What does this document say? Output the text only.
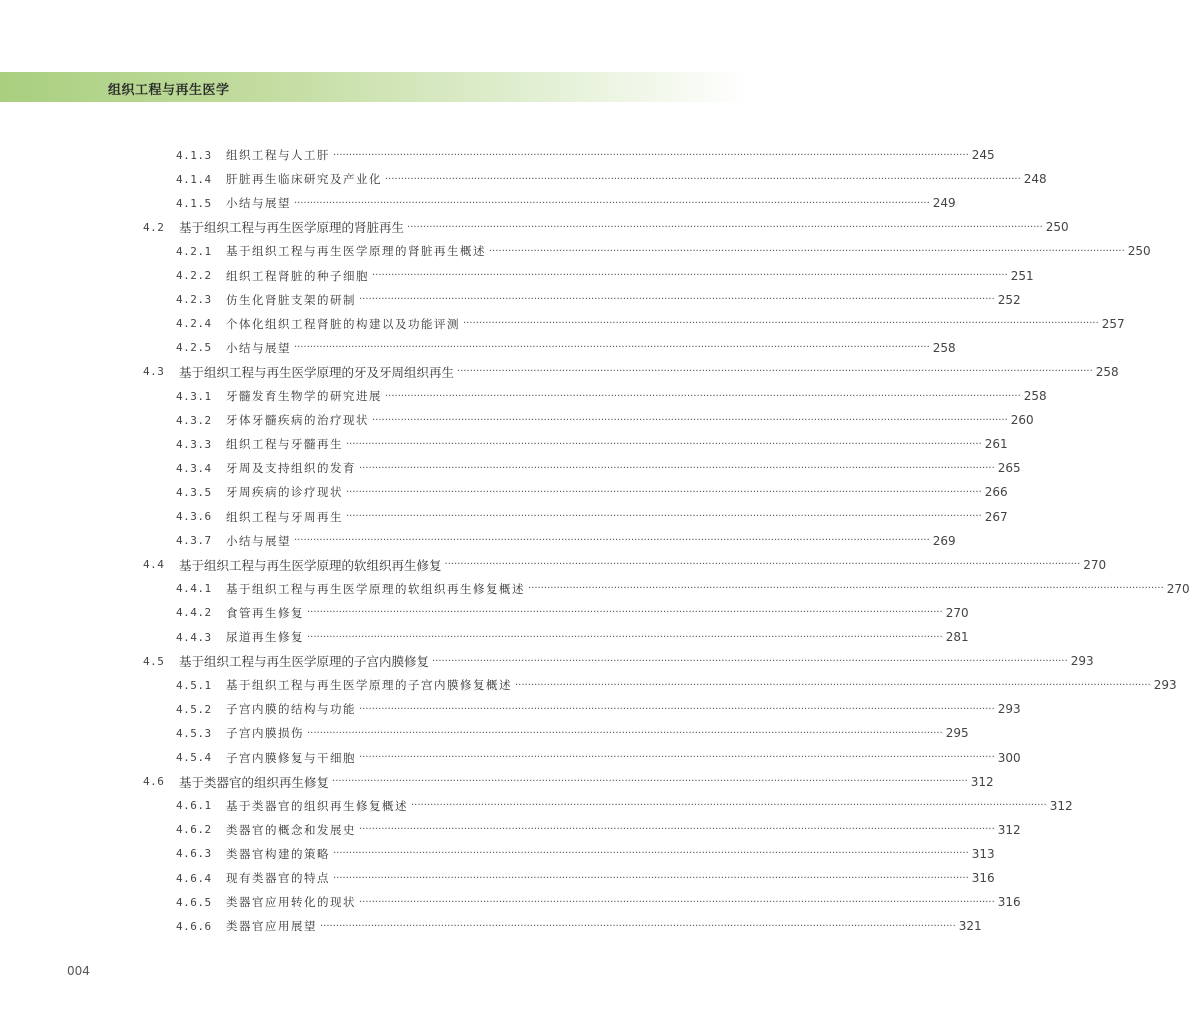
组织工程与再生医学
4.1.3	组织工程与人工肝 ········································································································································································································ 245
4.1.4	肝脏再生临床研究及产业化 ········································································································································································································ 248
4.1.5	小结与展望 ········································································································································································································ 249
4.2	基于组织工程与再生医学原理的肾脏再生 ········································································································································································································ 250
4.2.1	基于组织工程与再生医学原理的肾脏再生概述 ········································································································································································································ 250
4.2.2	组织工程肾脏的种子细胞 ········································································································································································································ 251
4.2.3	仿生化肾脏支架的研制 ········································································································································································································ 252
4.2.4	个体化组织工程肾脏的构建以及功能评测 ········································································································································································································ 257
4.2.5	小结与展望 ········································································································································································································ 258
4.3	基于组织工程与再生医学原理的牙及牙周组织再生 ········································································································································································································ 258
4.3.1	牙髓发育生物学的研究进展 ········································································································································································································ 258
4.3.2	牙体牙髓疾病的治疗现状 ········································································································································································································ 260
4.3.3	组织工程与牙髓再生 ········································································································································································································ 261
4.3.4	牙周及支持组织的发育 ········································································································································································································ 265
4.3.5	牙周疾病的诊疗现状 ········································································································································································································ 266
4.3.6	组织工程与牙周再生 ········································································································································································································ 267
4.3.7	小结与展望 ········································································································································································································ 269
4.4	基于组织工程与再生医学原理的软组织再生修复 ········································································································································································································ 270
4.4.1	基于组织工程与再生医学原理的软组织再生修复概述 ········································································································································································································ 270
4.4.2	食管再生修复 ········································································································································································································ 270
4.4.3	尿道再生修复 ········································································································································································································ 281
4.5	基于组织工程与再生医学原理的子宫内膜修复 ········································································································································································································ 293
4.5.1	基于组织工程与再生医学原理的子宫内膜修复概述 ········································································································································································································ 293
4.5.2	子宫内膜的结构与功能 ········································································································································································································ 293
4.5.3	子宫内膜损伤 ········································································································································································································ 295
4.5.4	子宫内膜修复与干细胞 ········································································································································································································ 300
4.6	基于类器官的组织再生修复 ········································································································································································································ 312
4.6.1	基于类器官的组织再生修复概述 ········································································································································································································ 312
4.6.2	类器官的概念和发展史 ········································································································································································································ 312
4.6.3	类器官构建的策略 ········································································································································································································ 313
4.6.4	现有类器官的特点 ········································································································································································································ 316
4.6.5	类器官应用转化的现状 ········································································································································································································ 316
4.6.6	类器官应用展望 ········································································································································································································ 321
004
